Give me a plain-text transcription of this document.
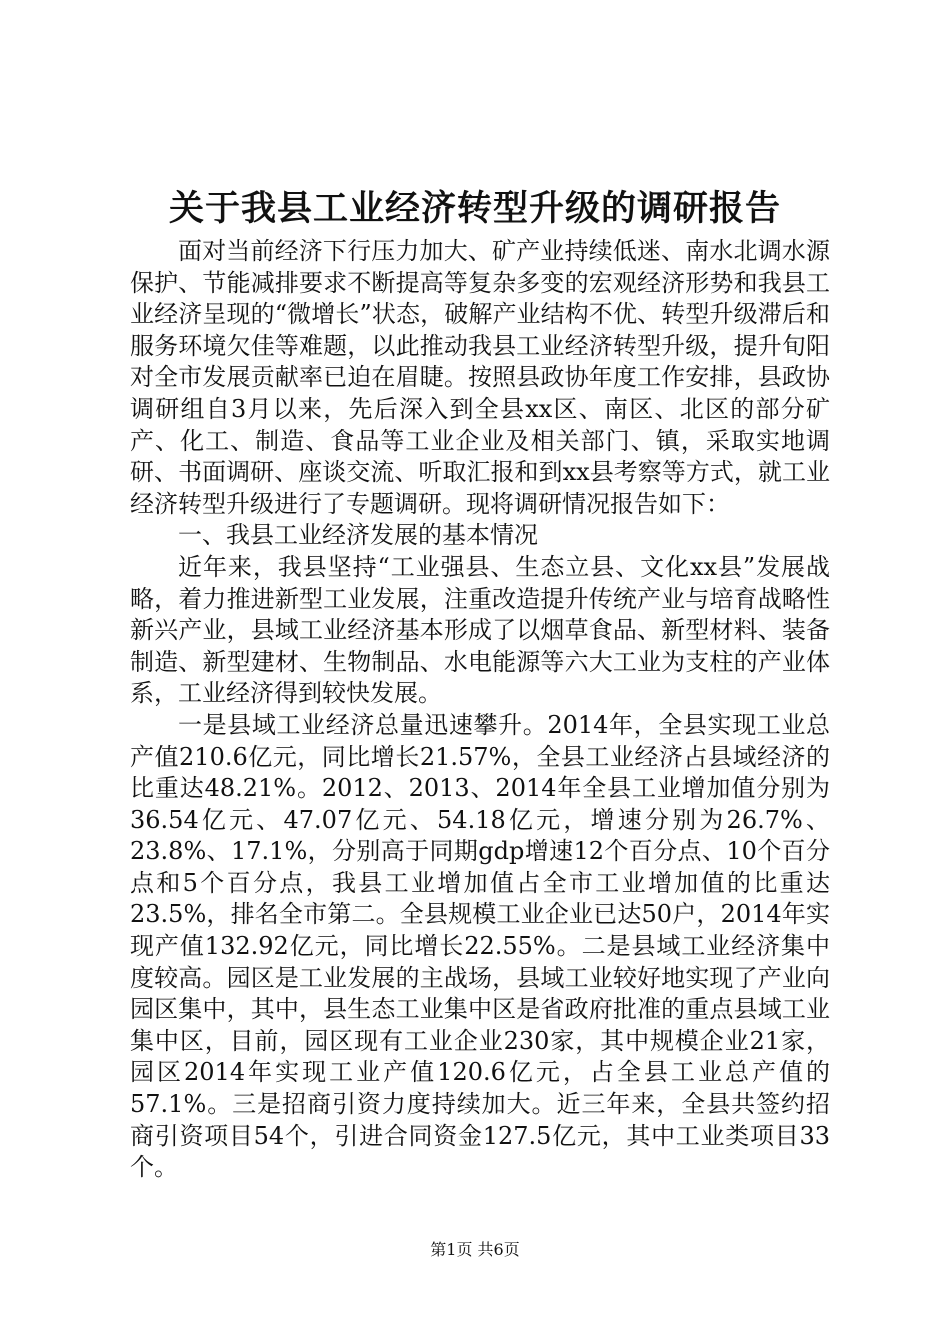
关于我县工业经济转型升级的调研报告

面对当前经济下行压力加大、矿产业持续低迷、南水北调水源保护、节能减排要求不断提高等复杂多变的宏观经济形势和我县工业经济呈现的“微增长”状态，破解产业结构不优、转型升级滞后和服务环境欠佳等难题，以此推动我县工业经济转型升级，提升旬阳对全市发展贡献率已迫在眉睫。按照县政协年度工作安排，县政协调研组自3月以来，先后深入到全县xx区、南区、北区的部分矿产、化工、制造、食品等工业企业及相关部门、镇，采取实地调研、书面调研、座谈交流、听取汇报和到xx县考察等方式，就工业经济转型升级进行了专题调研。现将调研情况报告如下：

一、我县工业经济发展的基本情况

近年来，我县坚持“工业强县、生态立县、文化xx县”发展战略，着力推进新型工业发展，注重改造提升传统产业与培育战略性新兴产业，县域工业经济基本形成了以烟草食品、新型材料、装备制造、新型建材、生物制品、水电能源等六大工业为支柱的产业体系，工业经济得到较快发展。

一是县域工业经济总量迅速攀升。2014年，全县实现工业总产值210.6亿元，同比增长21.57%，全县工业经济占县域经济的比重达48.21%。2012、2013、2014年全县工业增加值分别为36.54亿元、47.07亿元、54.18亿元，增速分别为26.7%、23.8%、17.1%，分别高于同期gdp增速12个百分点、10个百分点和5个百分点，我县工业增加值占全市工业增加值的比重达23.5%，排名全市第二。全县规模工业企业已达50户，2014年实现产值132.92亿元，同比增长22.55%。二是县域工业经济集中度较高。园区是工业发展的主战场，县域工业较好地实现了产业向园区集中，其中，县生态工业集中区是省政府批准的重点县域工业集中区，目前，园区现有工业企业230家，其中规模企业21家，园区2014年实现工业产值120.6亿元，占全县工业总产值的57.1%。三是招商引资力度持续加大。近三年来，全县共签约招商引资项目54个，引进合同资金127.5亿元，其中工业类项目33个。

第1页 共6页
